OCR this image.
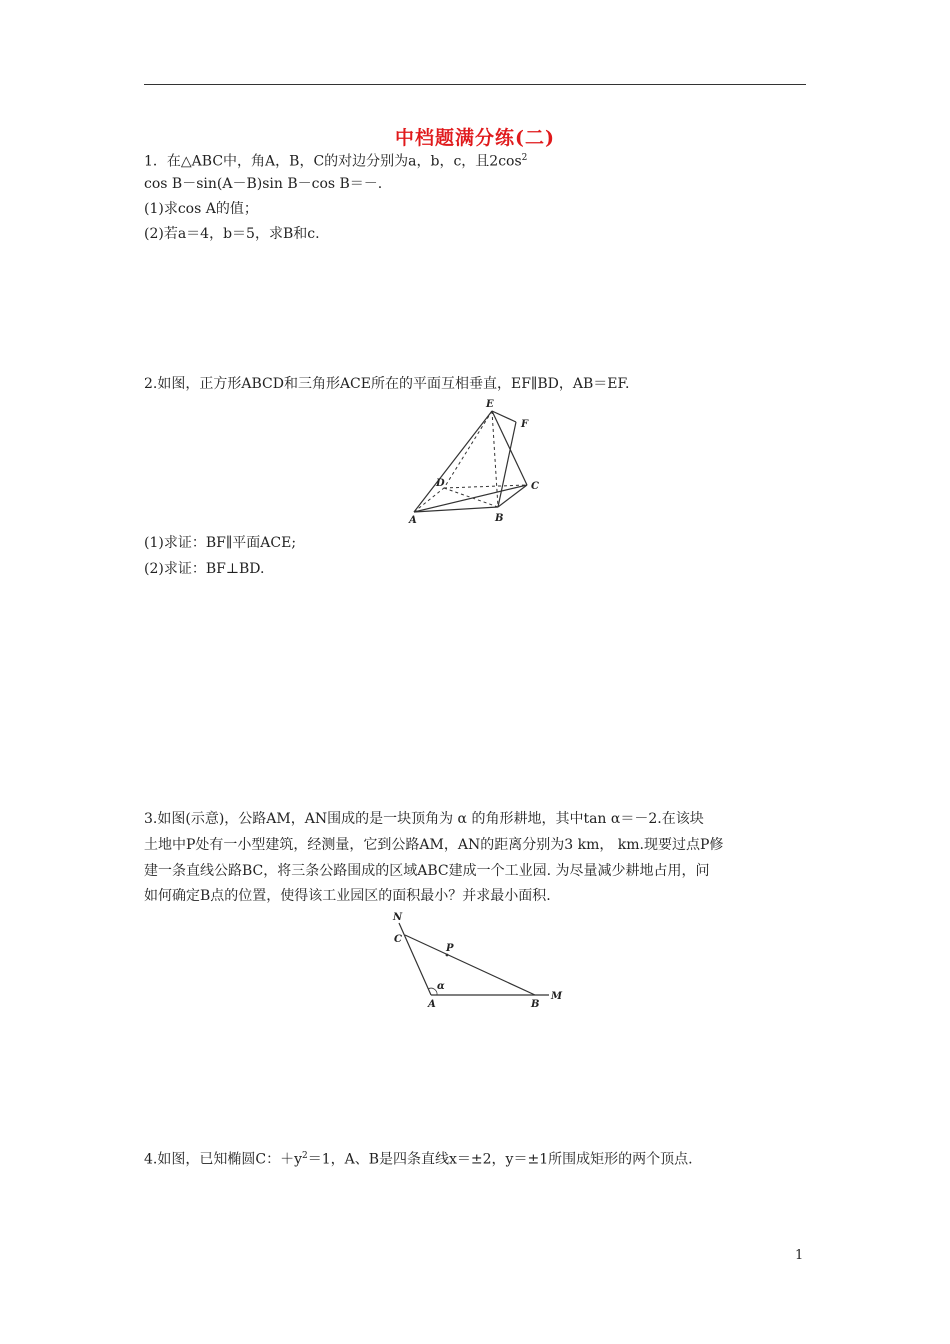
中档题满分练(二)
1．在△ABC中，角A，B，C的对边分别为a，b，c，且$2\cos^2$
cos B－sin(A－B)sin B－cos B＝－.
(1)求cos A的值；
(2)若a＝4，b＝5，求B和c.
2.如图，正方形ABCD和三角形ACE所在的平面互相垂直，EF∥BD，AB＝EF.
E
F
D	C
A	B
(1)求证：BF∥平面ACE;
(2)求证：BF⊥BD.
3.如图(示意)，公路AM，AN围成的是一块顶角为 α 的角形耕地，其中tan α＝－2.在该块
土地中P处有一小型建筑，经测量，它到公路AM，AN的距离分别为3 km， km.现要过点P修
建一条直线公路BC，将三条公路围成的区域ABC建成一个工业园. 为尽量减少耕地占用，问
如何确定B点的位置，使得该工业园区的面积最小？并求最小面积.
N
C
P
α
A	B
M
4.如图，已知椭圆C：$+y^2=1$，A、B是四条直线x＝±2，y＝±1所围成矩形的两个顶点.
1
